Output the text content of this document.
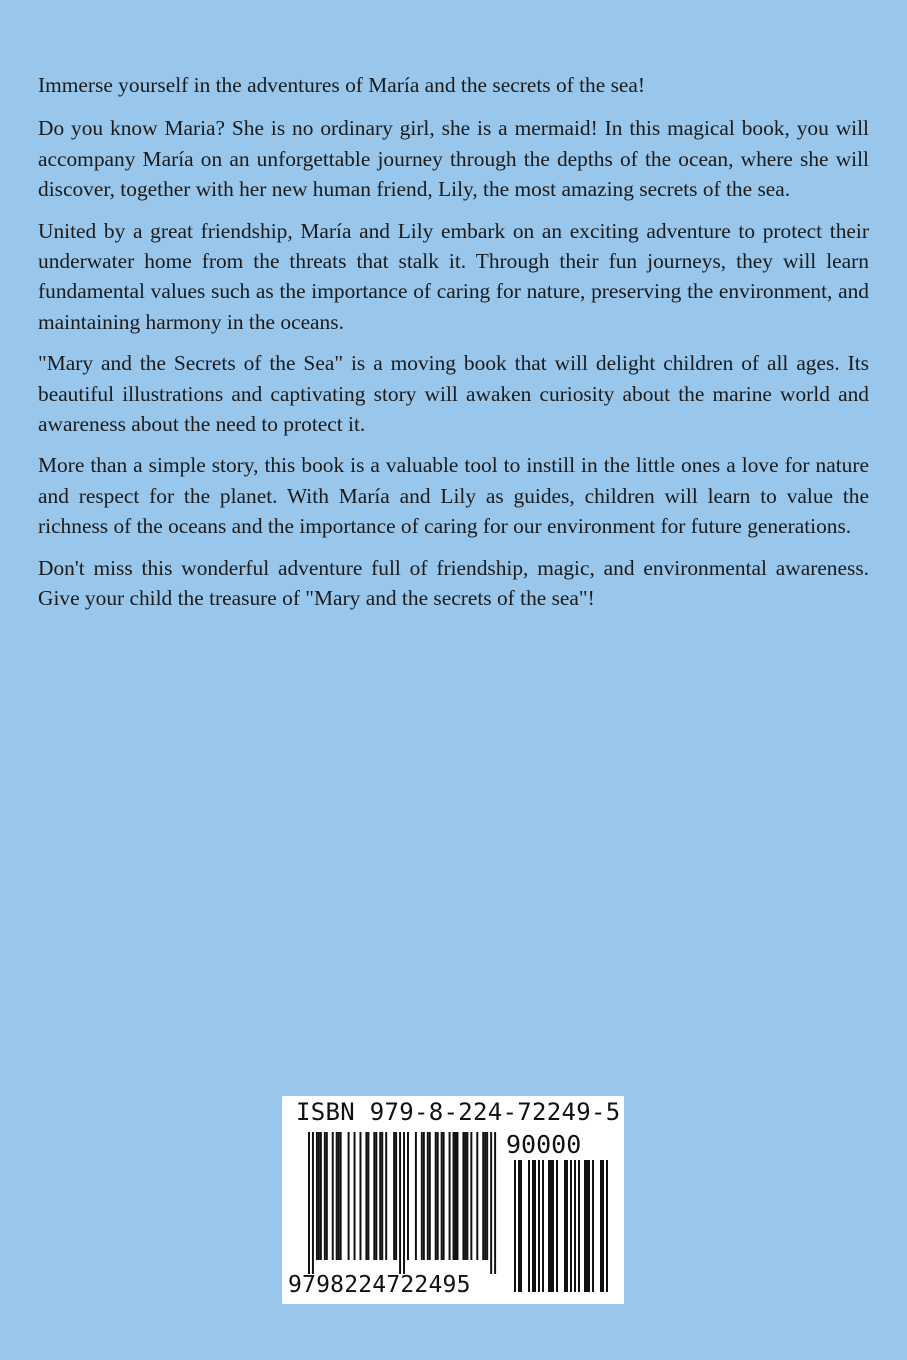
Immerse yourself in the adventures of María and the secrets of the sea!

Do you know Maria? She is no ordinary girl, she is a mermaid! In this magical book, you will accompany María on an unforgettable journey through the depths of the ocean, where she will discover, together with her new human friend, Lily, the most amazing secrets of the sea.

United by a great friendship, María and Lily embark on an exciting adventure to protect their underwater home from the threats that stalk it. Through their fun journeys, they will learn fundamental values such as the importance of caring for nature, preserving the environment, and maintaining harmony in the oceans.

"Mary and the Secrets of the Sea" is a moving book that will delight children of all ages. Its beautiful illustrations and captivating story will awaken curiosity about the marine world and awareness about the need to protect it.

More than a simple story, this book is a valuable tool to instill in the little ones a love for nature and respect for the planet. With María and Lily as guides, children will learn to value the richness of the oceans and the importance of caring for our environment for future generations.

Don't miss this wonderful adventure full of friendship, magic, and environmental awareness. Give your child the treasure of "Mary and the secrets of the sea"!

ISBN 979-8-224-72249-5
90000
9798224722495
